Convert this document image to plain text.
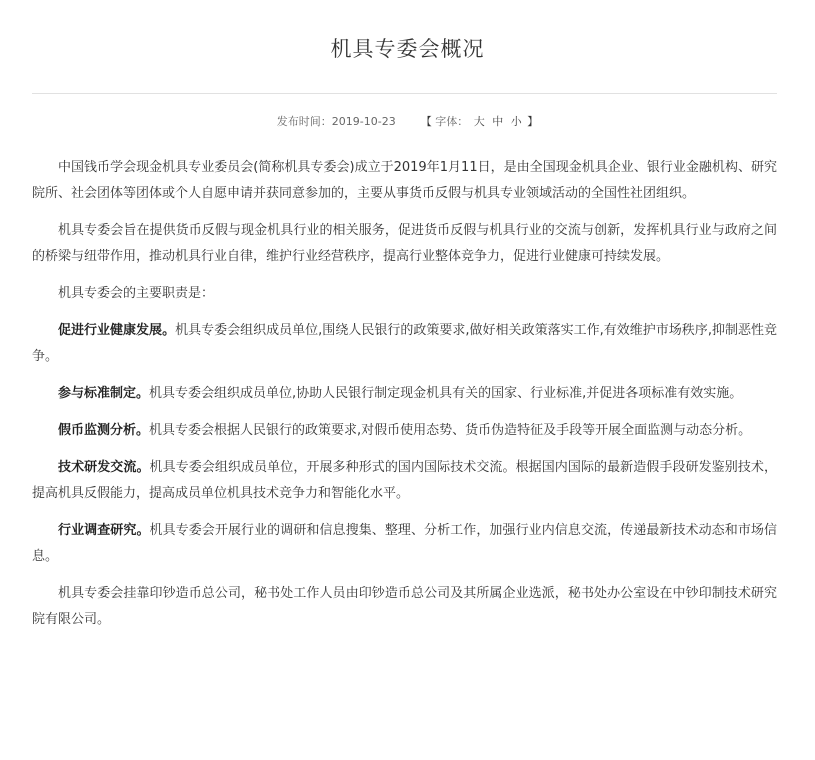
机具专委会概况
发布时间：2019-10-23 【 字体： 大 中 小 】

中国钱币学会现金机具专业委员会(简称机具专委会)成立于2019年1月11日，是由全国现金机具企业、银行业金融机构、研究院所、社会团体等团体或个人自愿申请并获同意参加的，主要从事货币反假与机具专业领域活动的全国性社团组织。

机具专委会旨在提供货币反假与现金机具行业的相关服务，促进货币反假与机具行业的交流与创新，发挥机具行业与政府之间的桥梁与纽带作用，推动机具行业自律，维护行业经营秩序，提高行业整体竞争力，促进行业健康可持续发展。

机具专委会的主要职责是：

促进行业健康发展。机具专委会组织成员单位,围绕人民银行的政策要求,做好相关政策落实工作,有效维护市场秩序,抑制恶性竞争。

参与标准制定。机具专委会组织成员单位,协助人民银行制定现金机具有关的国家、行业标准,并促进各项标准有效实施。

假币监测分析。机具专委会根据人民银行的政策要求,对假币使用态势、货币伪造特征及手段等开展全面监测与动态分析。

技术研发交流。机具专委会组织成员单位，开展多种形式的国内国际技术交流。根据国内国际的最新造假手段研发鉴别技术，提高机具反假能力，提高成员单位机具技术竞争力和智能化水平。

行业调查研究。机具专委会开展行业的调研和信息搜集、整理、分析工作，加强行业内信息交流，传递最新技术动态和市场信息。

机具专委会挂靠印钞造币总公司，秘书处工作人员由印钞造币总公司及其所属企业选派，秘书处办公室设在中钞印制技术研究院有限公司。
